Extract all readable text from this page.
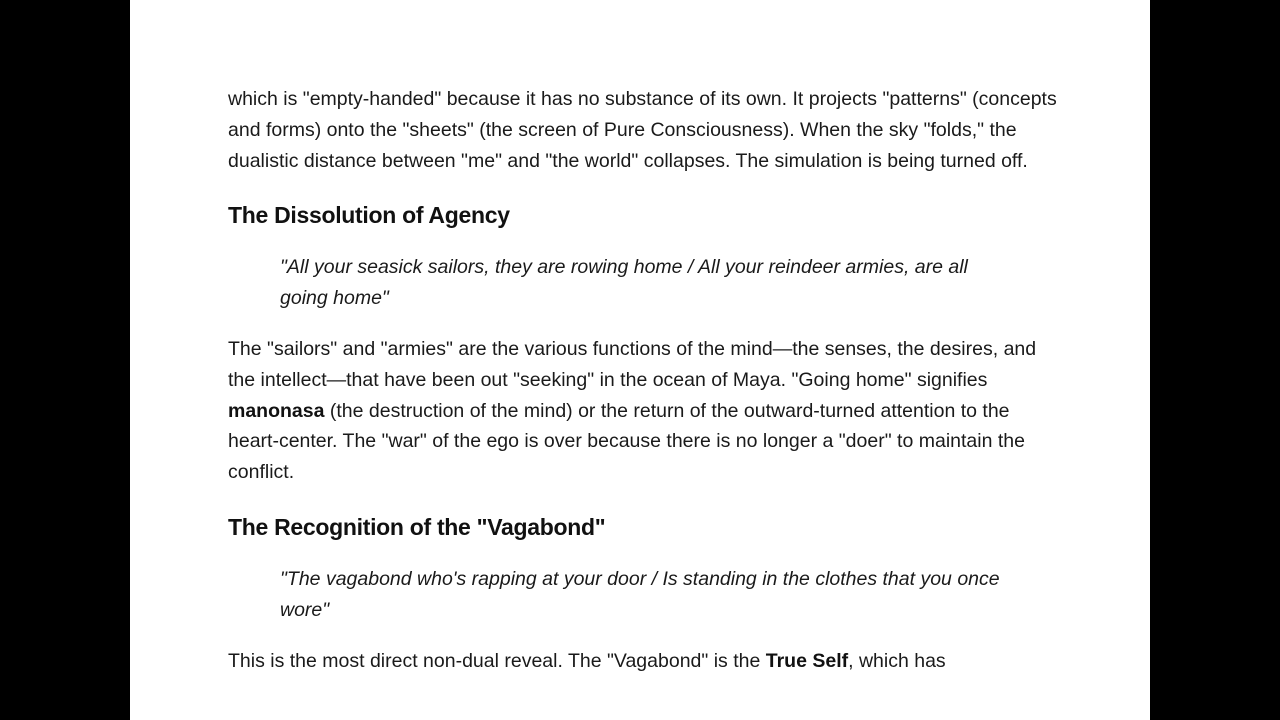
which is "empty-handed" because it has no substance of its own. It projects "patterns" (concepts and forms) onto the "sheets" (the screen of Pure Consciousness). When the sky "folds," the dualistic distance between "me" and "the world" collapses. The simulation is being turned off.

The Dissolution of Agency

"All your seasick sailors, they are rowing home / All your reindeer armies, are all going home"

The "sailors" and "armies" are the various functions of the mind—the senses, the desires, and the intellect—that have been out "seeking" in the ocean of Maya. "Going home" signifies manonasa (the destruction of the mind) or the return of the outward-turned attention to the heart-center. The "war" of the ego is over because there is no longer a "doer" to maintain the conflict.

The Recognition of the "Vagabond"

"The vagabond who's rapping at your door / Is standing in the clothes that you once wore"

This is the most direct non-dual reveal. The "Vagabond" is the True Self, which has
